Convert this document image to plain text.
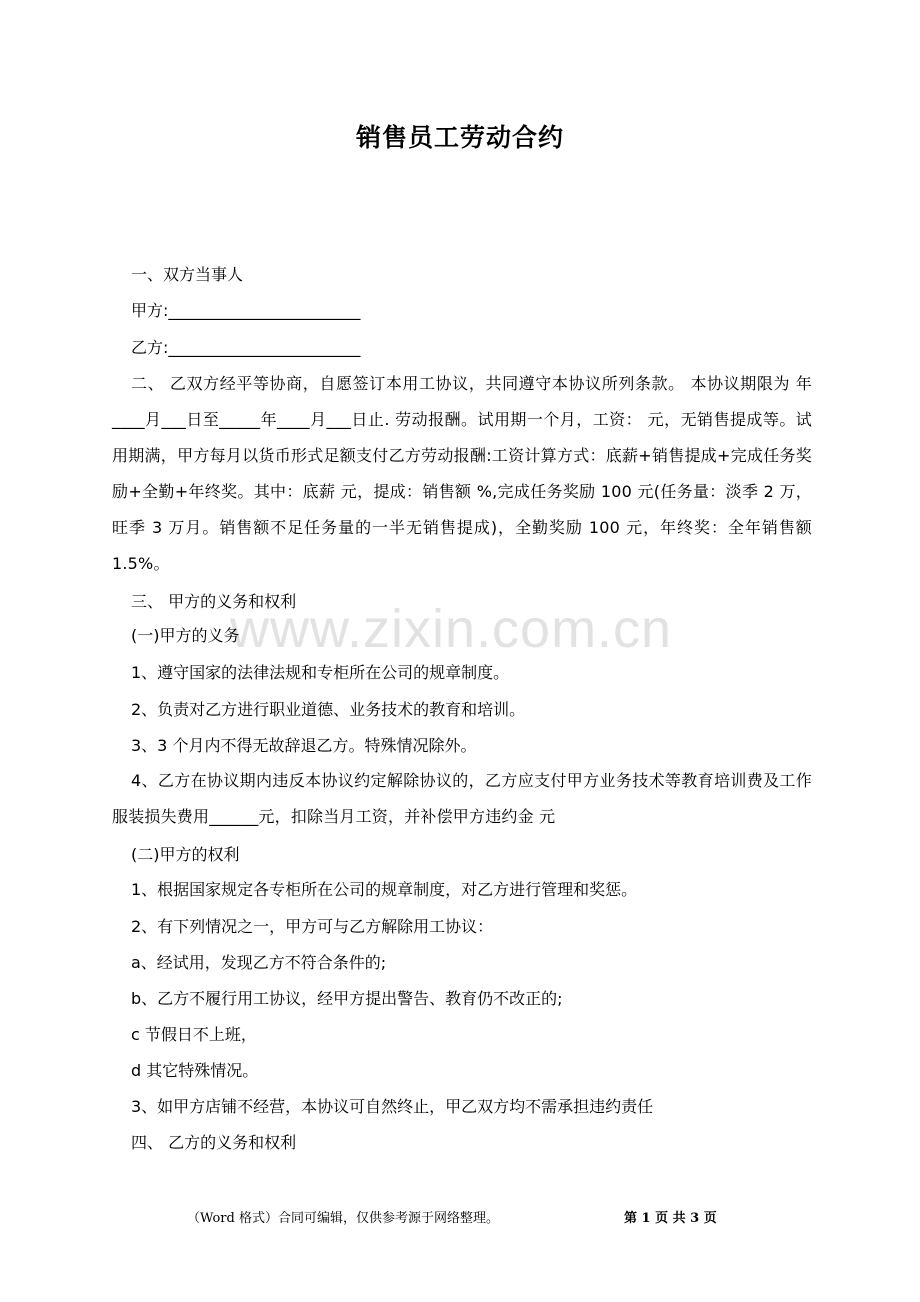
销售员工劳动合约
www.zixin.com.cn
一、双方当事人
甲方:________________________
乙方:________________________
二、 乙双方经平等协商，自愿签订本用工协议，共同遵守本协议所列条款。 本协议期限为 年____月___日至_____年____月___日止. 劳动报酬。试用期一个月，工资： 元，无销售提成等。试用期满，甲方每月以货币形式足额支付乙方劳动报酬:工资计算方式：底薪+销售提成+完成任务奖励+全勤+年终奖。其中：底薪 元，提成：销售额 %,完成任务奖励 100 元(任务量：淡季 2 万，旺季 3 万月。销售额不足任务量的一半无销售提成)，全勤奖励 100 元，年终奖：全年销售额 1.5%。
三、 甲方的义务和权利
(一)甲方的义务
1、遵守国家的法律法规和专柜所在公司的规章制度。
2、负责对乙方进行职业道德、业务技术的教育和培训。
3、3 个月内不得无故辞退乙方。特殊情况除外。
4、乙方在协议期内违反本协议约定解除协议的，乙方应支付甲方业务技术等教育培训费及工作服装损失费用______元，扣除当月工资，并补偿甲方违约金 元
(二)甲方的权利
1、根据国家规定各专柜所在公司的规章制度，对乙方进行管理和奖惩。
2、有下列情况之一，甲方可与乙方解除用工协议：
a、经试用，发现乙方不符合条件的;
b、乙方不履行用工协议，经甲方提出警告、教育仍不改正的;
c 节假日不上班，
d 其它特殊情况。
3、如甲方店铺不经营，本协议可自然终止，甲乙双方均不需承担违约责任
四、 乙方的义务和权利
（Word 格式）合同可编辑，仅供参考源于网络整理。	第 1 页 共 3 页
